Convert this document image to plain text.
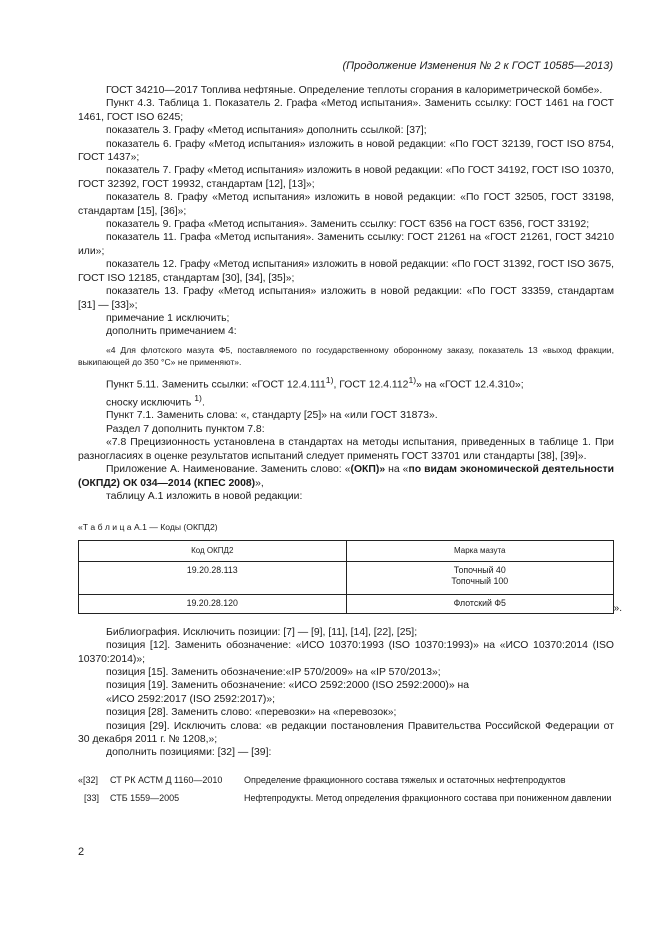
(Продолжение Изменения № 2 к ГОСТ 10585—2013)

ГОСТ 34210—2017 Топлива нефтяные. Определение теплоты сгорания в калориметрической бомбе».

Пункт 4.3. Таблица 1. Показатель 2. Графа «Метод испытания». Заменить ссылку: ГОСТ 1461 на ГОСТ 1461, ГОСТ ISO 6245;

показатель 3. Графу «Метод испытания» дополнить ссылкой: [37];

показатель 6. Графу «Метод испытания» изложить в новой редакции: «По ГОСТ 32139, ГОСТ ISO 8754, ГОСТ 1437»;

показатель 7. Графу «Метод испытания» изложить в новой редакции: «По ГОСТ 34192, ГОСТ ISO 10370, ГОСТ 32392, ГОСТ 19932, стандартам [12], [13]»;

показатель 8. Графу «Метод испытания» изложить в новой редакции: «По ГОСТ 32505, ГОСТ 33198, стандартам [15], [36]»;

показатель 9. Графа «Метод испытания». Заменить ссылку: ГОСТ 6356 на ГОСТ 6356, ГОСТ 33192;

показатель 11. Графа «Метод испытания». Заменить ссылку: ГОСТ 21261 на «ГОСТ 21261, ГОСТ 34210 или»;

показатель 12. Графу «Метод испытания» изложить в новой редакции: «По ГОСТ 31392, ГОСТ ISO 3675, ГОСТ ISO 12185, стандартам [30], [34], [35]»;

показатель 13. Графу «Метод испытания» изложить в новой редакции: «По ГОСТ 33359, стандартам [31] — [33]»;

примечание 1 исключить;

дополнить примечанием 4:

«4 Для флотского мазута Ф5, поставляемого по государственному оборонному заказу, показатель 13 «выход фракции, выкипающей до 350 °С» не применяют».

Пункт 5.11. Заменить ссылки: «ГОСТ 12.4.111$^{1)}$, ГОСТ 12.4.112$^{1)}$» на «ГОСТ 12.4.310»;

сноску исключить $^{1)}$.

Пункт 7.1. Заменить слова: «, стандарту [25]» на «или ГОСТ 31873».

Раздел 7 дополнить пунктом 7.8:

«7.8 Прецизионность установлена в стандартах на методы испытания, приведенных в таблице 1. При разногласиях в оценке результатов испытаний следует применять ГОСТ 33701 или стандарты [38], [39]».

Приложение А. Наименование. Заменить слово: «(ОКП)» на «по видам экономической деятельности (ОКПД2) ОК 034—2014 (КПЕС 2008)»,

таблицу А.1 изложить в новой редакции:

«Т а б л и ц а А.1 — Коды (ОКПД2)
Код ОКПД2	Марка мазута
19.20.28.113	Топочный 40
Топочный 100

19.20.28.120	Флотский Ф5
».

Библиография. Исключить позиции: [7] — [9], [11], [14], [22], [25];

позиция [12]. Заменить обозначение: «ИСО 10370:1993 (ISO 10370:1993)» на «ИСО 10370:2014 (ISO 10370:2014)»;

позиция [15]. Заменить обозначение:«IP 570/2009» на «IP 570/2013»;

позиция [19]. Заменить обозначение: «ИСО 2592:2000 (ISO 2592:2000)» на

«ИСО 2592:2017 (ISO 2592:2017)»;

позиция [28]. Заменить слово: «перевозки» на «перевозок»;

позиция [29]. Исключить слова: «в редакции постановления Правительства Российской Федерации от 30 декабря 2011 г. № 1208,»;

дополнить позициями: [32] — [39]:

«[32]	СТ РК АСТМ Д 1160—2010	Определение фракционного состава тяжелых и остаточных нефтепродуктов
[33]	СТБ 1559—2005	Нефтепродукты. Метод определения фракционного состава при пониженном давлении
2
